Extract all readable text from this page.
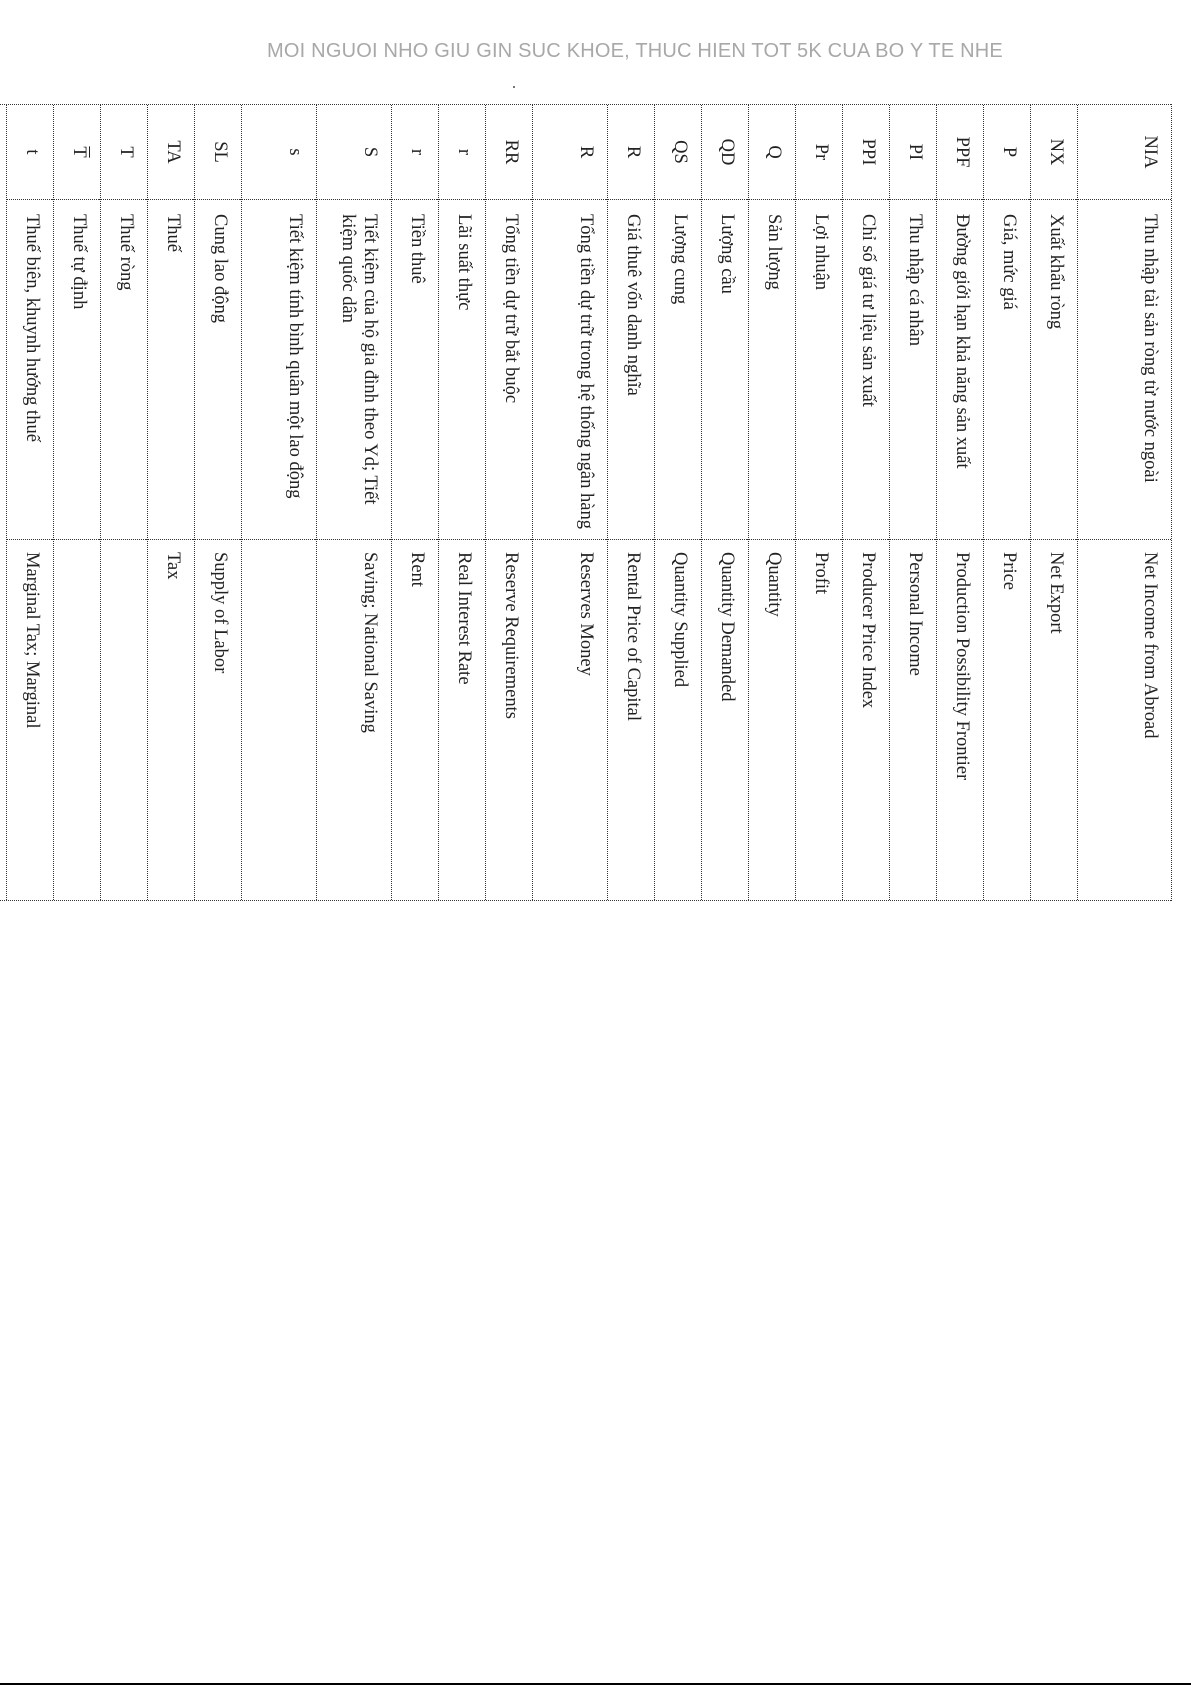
MOI NGUOI NHO GIU GIN SUC KHOE, THUC HIEN TOT 5K CUA BO Y TE NHE
NIA
Thu nhập tài sản ròng từ nước ngoài
Net Income from Abroad
NX
Xuất khẩu ròng
Net Export
P
Giá, mức giá
Price
PPF
Đường giới hạn khả năng sản xuất
Production Possibility Frontier
PI
Thu nhập cá nhân
Personal Income
PPI
Chỉ số giá tư liệu sản xuất
Producer Price Index
Pr
Lợi nhuận
Profit
Q
Sản lượng
Quantity
QD
Lượng cầu
Quantity Demanded
QS
Lượng cung
Quantity Supplied
R
Giá thuê vốn danh nghĩa
Rental Price of Capital
R
Tổng tiền dự trữ trong hệ thống ngân hàng
Reserves Money
RR
Tổng tiền dự trữ bắt buộc
Reserve Requirements
r
Lãi suất thực
Real Interest Rate
r
Tiền thuê
Rent
S
Tiết kiệm của hộ gia đình theo Yd; Tiết kiệm quốc dân
Saving; National Saving
s
Tiết kiệm tính bình quân một lao động
SL
Cung lao động
Supply of Labor
TA
Thuế
Tax
T
Thuế ròng
$\overline{T}$
Thuế tự định
t
Thuế biên, khuynh hướng thuế
Marginal Tax; Marginal
